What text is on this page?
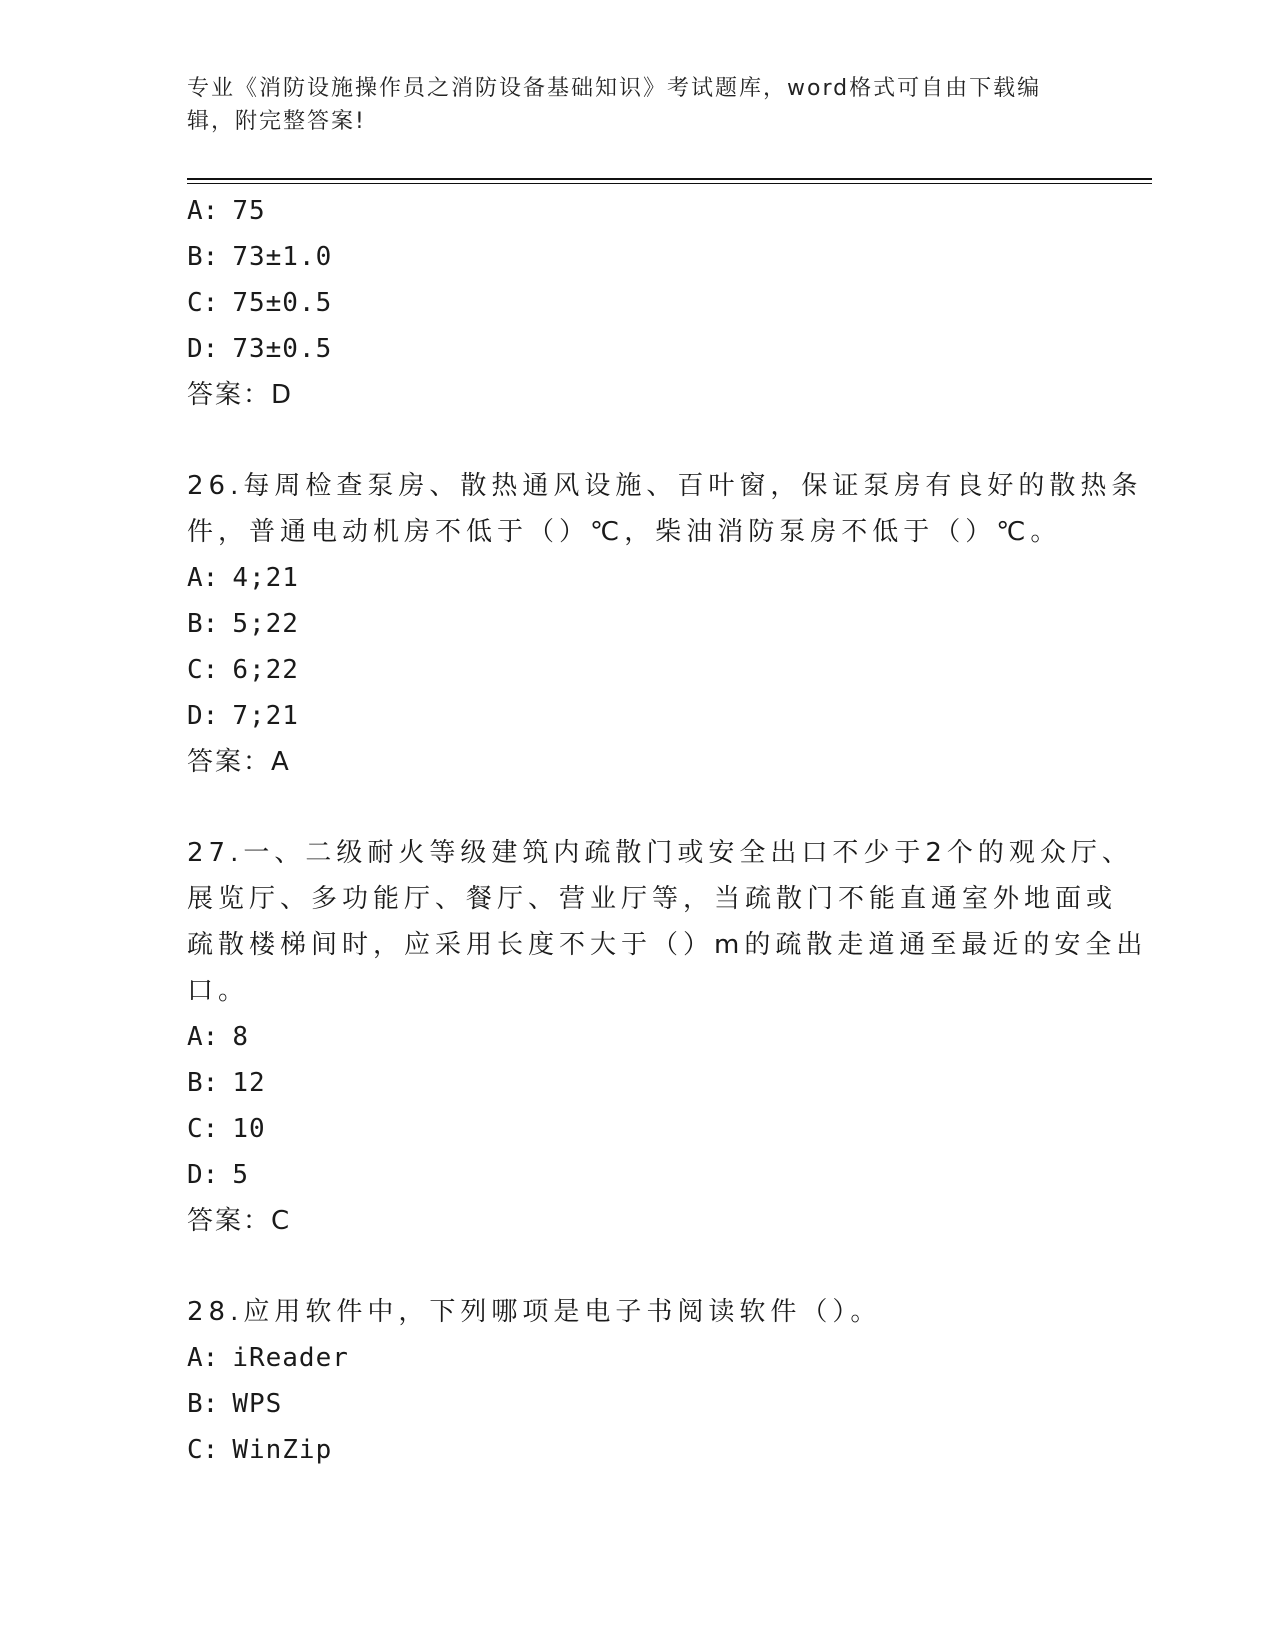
专业《消防设施操作员之消防设备基础知识》考试题库，word格式可自由下载编
辑，附完整答案!
A: 75
B: 73±1.0
C: 75±0.5
D: 73±0.5
答案：D
26.每周检查泵房、散热通风设施、百叶窗，保证泵房有良好的散热条
件，普通电动机房不低于（）℃，柴油消防泵房不低于（）℃。
A: 4;21
B: 5;22
C: 6;22
D: 7;21
答案：A
27.一、二级耐火等级建筑内疏散门或安全出口不少于2个的观众厅、
展览厅、多功能厅、餐厅、营业厅等，当疏散门不能直通室外地面或
疏散楼梯间时，应采用长度不大于（）m的疏散走道通至最近的安全出
口。
A: 8
B: 12
C: 10
D: 5
答案：C
28.应用软件中，下列哪项是电子书阅读软件（）。
A: iReader
B: WPS
C: WinZip
